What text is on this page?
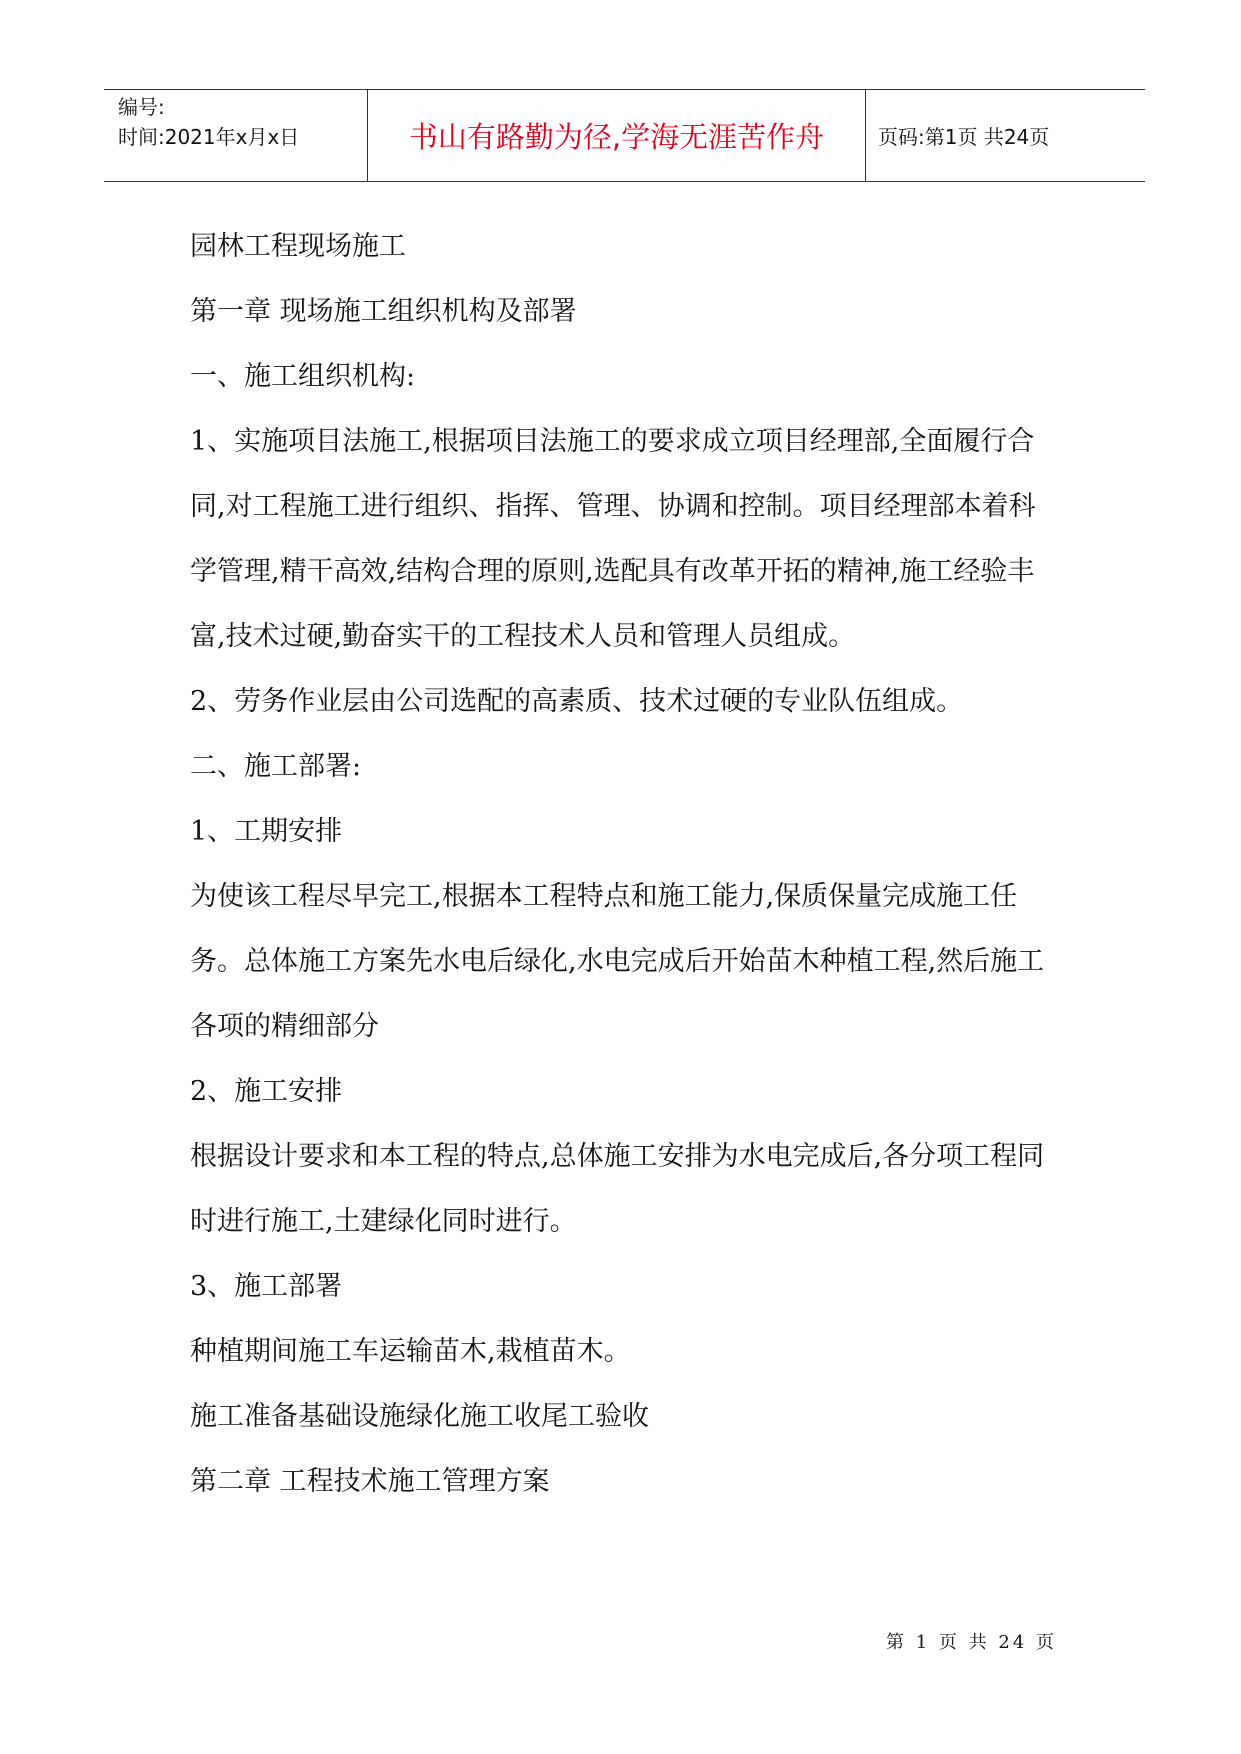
编号:
时间:2021年x月x日	书山有路勤为径,学海无涯苦作舟	页码:第1页 共24页

园林工程现场施工

第一章 现场施工组织机构及部署

一、施工组织机构:

1、实施项目法施工,根据项目法施工的要求成立项目经理部,全面履行合同,对工程施工进行组织、指挥、管理、协调和控制。项目经理部本着科学管理,精干高效,结构合理的原则,选配具有改革开拓的精神,施工经验丰富,技术过硬,勤奋实干的工程技术人员和管理人员组成。

2、劳务作业层由公司选配的高素质、技术过硬的专业队伍组成。

二、施工部署:

1、工期安排

为使该工程尽早完工,根据本工程特点和施工能力,保质保量完成施工任务。总体施工方案先水电后绿化,水电完成后开始苗木种植工程,然后施工各项的精细部分

2、施工安排

根据设计要求和本工程的特点,总体施工安排为水电完成后,各分项工程同时进行施工,土建绿化同时进行。

3、施工部署

种植期间施工车运输苗木,栽植苗木。

施工准备基础设施绿化施工收尾工验收

第二章 工程技术施工管理方案

第 1 页 共 24 页
